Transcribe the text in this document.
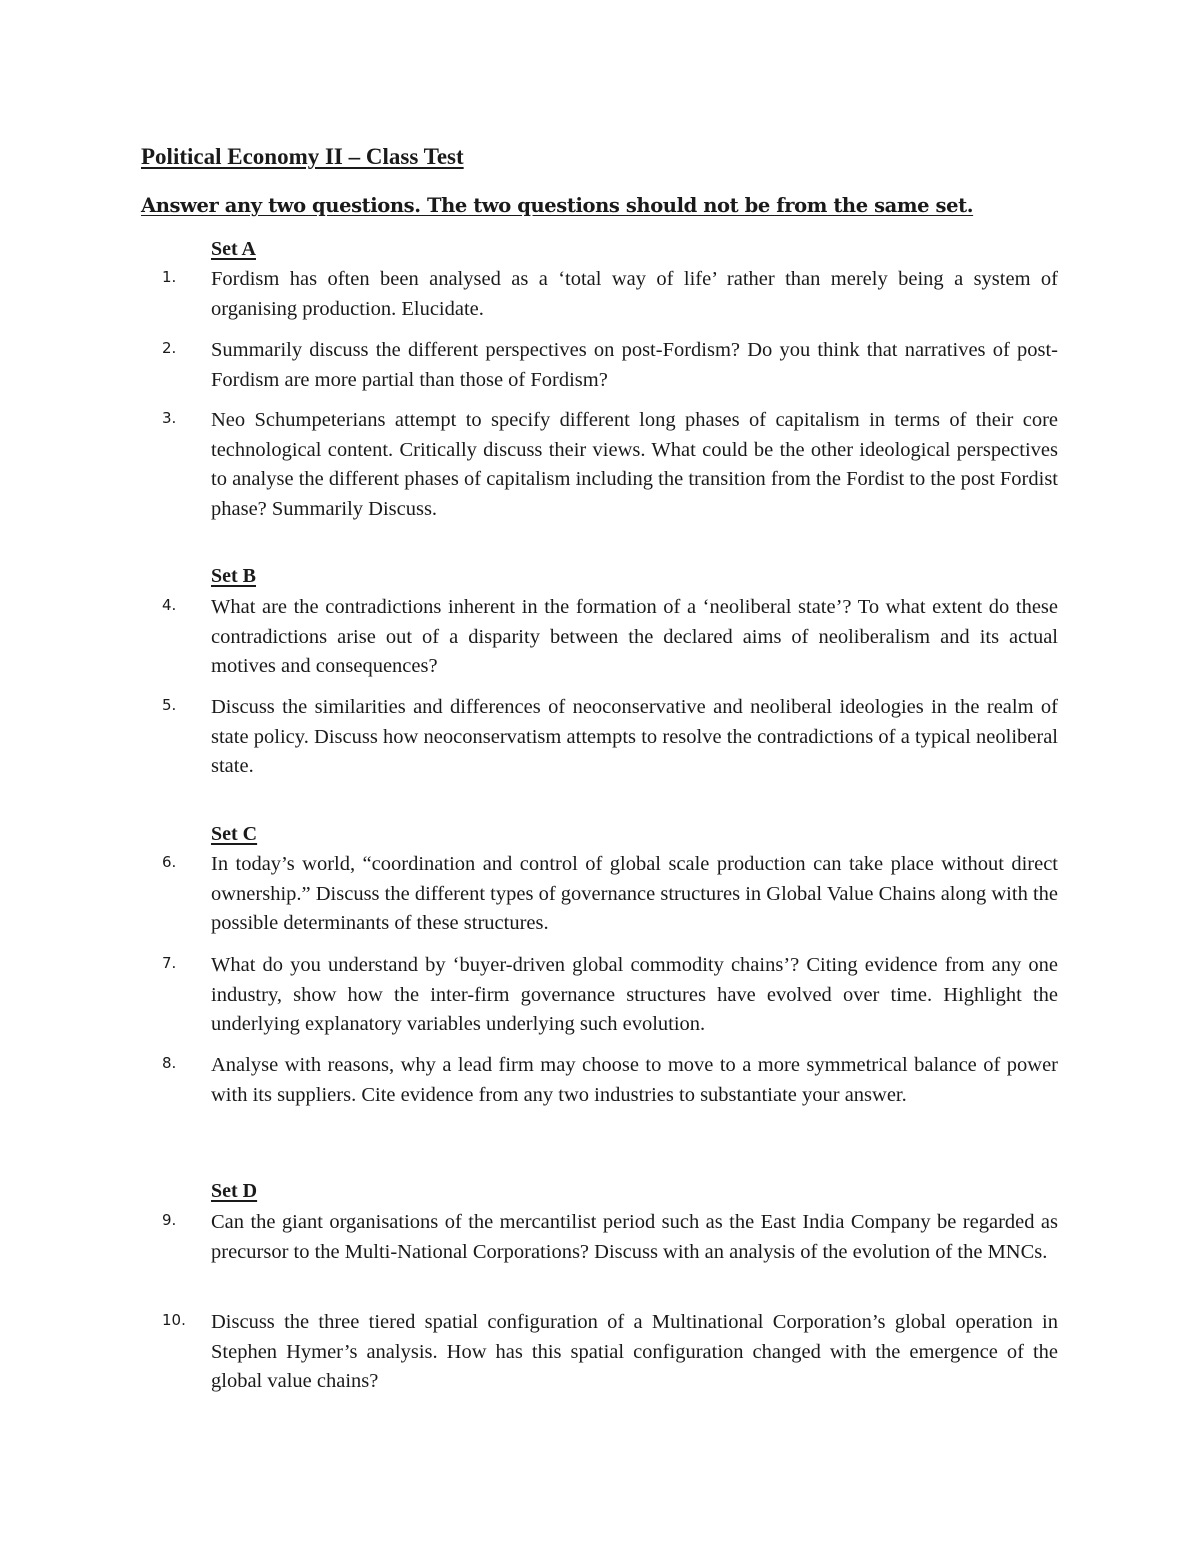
Political Economy II – Class Test
Answer any two questions. The two questions should not be from the same set.
Set A
1. Fordism has often been analysed as a ‘total way of life’ rather than merely being a system of organising production. Elucidate.
2. Summarily discuss the different perspectives on post-Fordism? Do you think that narratives of post-Fordism are more partial than those of Fordism?
3. Neo Schumpeterians attempt to specify different long phases of capitalism in terms of their core technological content. Critically discuss their views. What could be the other ideological perspectives to analyse the different phases of capitalism including the transition from the Fordist to the post Fordist phase? Summarily Discuss.
Set B
4. What are the contradictions inherent in the formation of a ‘neoliberal state’? To what extent do these contradictions arise out of a disparity between the declared aims of neoliberalism and its actual motives and consequences?
5. Discuss the similarities and differences of neoconservative and neoliberal ideologies in the realm of state policy. Discuss how neoconservatism attempts to resolve the contradictions of a typical neoliberal state.
Set C
6. In today’s world, “coordination and control of global scale production can take place without direct ownership.” Discuss the different types of governance structures in Global Value Chains along with the possible determinants of these structures.
7. What do you understand by ‘buyer-driven global commodity chains’? Citing evidence from any one industry, show how the inter-firm governance structures have evolved over time. Highlight the underlying explanatory variables underlying such evolution.
8. Analyse with reasons, why a lead firm may choose to move to a more symmetrical balance of power with its suppliers. Cite evidence from any two industries to substantiate your answer.
Set D
9. Can the giant organisations of the mercantilist period such as the East India Company be regarded as precursor to the Multi-National Corporations? Discuss with an analysis of the evolution of the MNCs.
10. Discuss the three tiered spatial configuration of a Multinational Corporation’s global operation in Stephen Hymer’s analysis. How has this spatial configuration changed with the emergence of the global value chains?
